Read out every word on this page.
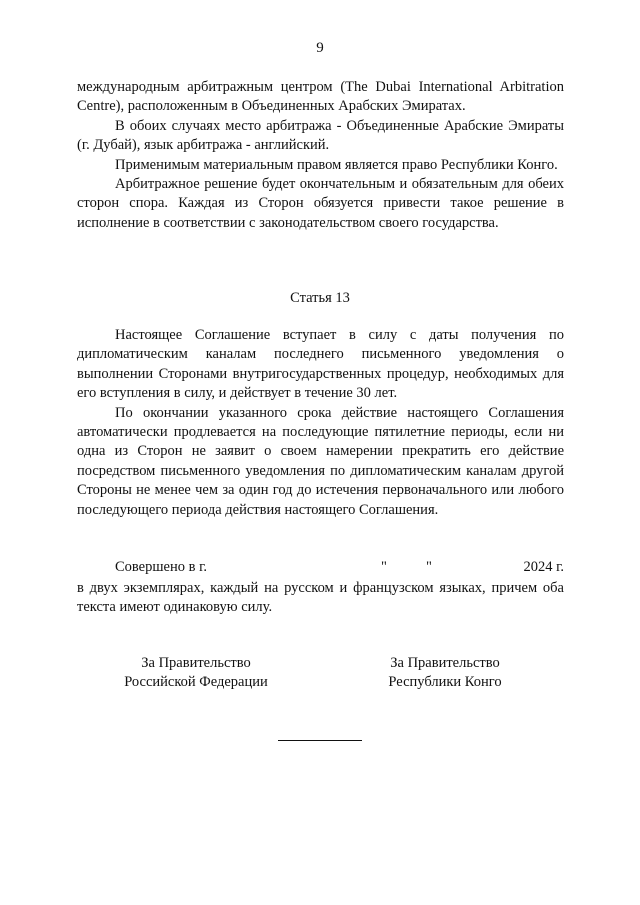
9

международным арбитражным центром (The Dubai International Arbitration Centre), расположенным в Объединенных Арабских Эмиратах.

В обоих случаях место арбитража - Объединенные Арабские Эмираты (г. Дубай), язык арбитража - английский.

Применимым материальным правом является право Республики Конго.

Арбитражное решение будет окончательным и обязательным для обеих сторон спора. Каждая из Сторон обязуется привести такое решение в исполнение в соответствии с законодательством своего государства.

Статья 13

Настоящее Соглашение вступает в силу с даты получения по дипломатическим каналам последнего письменного уведомления о выполнении Сторонами внутригосударственных процедур, необходимых для его вступления в силу, и действует в течение 30 лет.

По окончании указанного срока действие настоящего Соглашения автоматически продлевается на последующие пятилетние периоды, если ни одна из Сторон не заявит о своем намерении прекратить его действие посредством письменного уведомления по дипломатическим каналам другой Стороны не менее чем за один год до истечения первоначального или любого последующего периода действия настоящего Соглашения.

Совершено в г.	"	"	2024 г.

в двух экземплярах, каждый на русском и французском языках, причем оба текста имеют одинаковую силу.

За Правительство
Российской Федерации
За Правительство
Республики Конго
